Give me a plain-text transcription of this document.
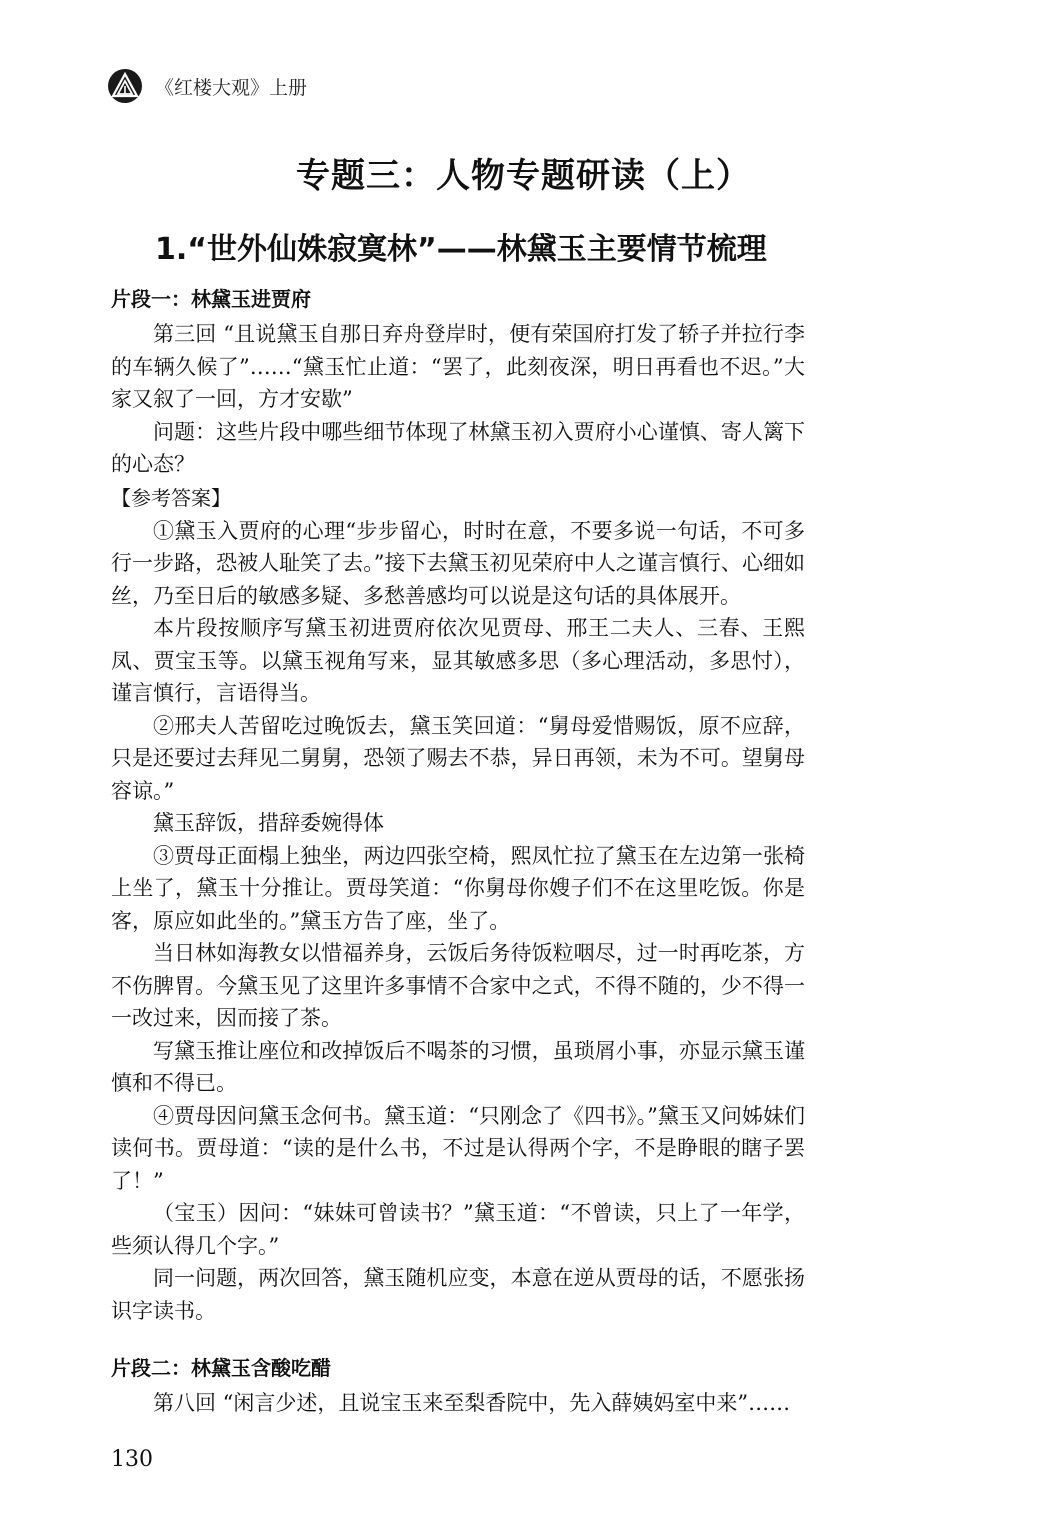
《红楼大观》上册
专题三：人物专题研读（上）
1.“世外仙姝寂寞林”——林黛玉主要情节梳理

片段一：林黛玉进贾府

第三回 “且说黛玉自那日弃舟登岸时，便有荣国府打发了轿子并拉行李的车辆久候了”……“黛玉忙止道：“罢了，此刻夜深，明日再看也不迟。”大家又叙了一回，方才安歇”

问题：这些片段中哪些细节体现了林黛玉初入贾府小心谨慎、寄人篱下的心态？

【参考答案】

①黛玉入贾府的心理“步步留心，时时在意，不要多说一句话，不可多行一步路，恐被人耻笑了去。”接下去黛玉初见荣府中人之谨言慎行、心细如丝，乃至日后的敏感多疑、多愁善感均可以说是这句话的具体展开。

本片段按顺序写黛玉初进贾府依次见贾母、邢王二夫人、三春、王熙凤、贾宝玉等。以黛玉视角写来，显其敏感多思（多心理活动，多思忖），谨言慎行，言语得当。

②邢夫人苦留吃过晚饭去，黛玉笑回道：“舅母爱惜赐饭，原不应辞，只是还要过去拜见二舅舅，恐领了赐去不恭，异日再领，未为不可。望舅母容谅。”

黛玉辞饭，措辞委婉得体

③贾母正面榻上独坐，两边四张空椅，熙凤忙拉了黛玉在左边第一张椅上坐了，黛玉十分推让。贾母笑道：“你舅母你嫂子们不在这里吃饭。你是客，原应如此坐的。”黛玉方告了座，坐了。

当日林如海教女以惜福养身，云饭后务待饭粒咽尽，过一时再吃茶，方不伤脾胃。今黛玉见了这里许多事情不合家中之式，不得不随的，少不得一一改过来，因而接了茶。

写黛玉推让座位和改掉饭后不喝茶的习惯，虽琐屑小事，亦显示黛玉谨慎和不得已。

④贾母因问黛玉念何书。黛玉道：“只刚念了《四书》。”黛玉又问姊妹们读何书。贾母道：“读的是什么书，不过是认得两个字，不是睁眼的瞎子罢了！”

（宝玉）因问：“妹妹可曾读书？”黛玉道：“不曾读，只上了一年学，些须认得几个字。”

同一问题，两次回答，黛玉随机应变，本意在逆从贾母的话，不愿张扬识字读书。

片段二：林黛玉含酸吃醋

第八回 “闲言少述，且说宝玉来至梨香院中，先入薛姨妈室中来”……

130
